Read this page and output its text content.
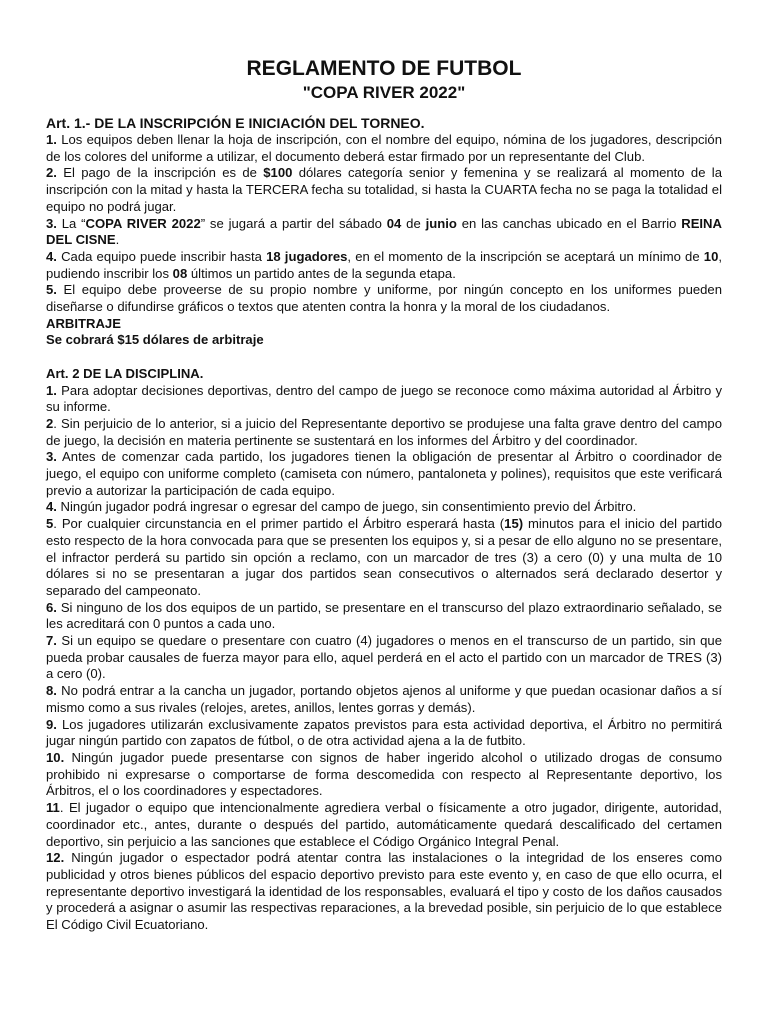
REGLAMENTO DE FUTBOL
"COPA RIVER 2022"

Art. 1.- DE LA INSCRIPCIÓN E INICIACIÓN DEL TORNEO.

1. Los equipos deben llenar la hoja de inscripción, con el nombre del equipo, nómina de los jugadores, descripción de los colores del uniforme a utilizar, el documento deberá estar firmado por un representante del Club.

2. El pago de la inscripción es de $100 dólares categoría senior y femenina y se realizará al momento de la inscripción con la mitad y hasta la TERCERA fecha su totalidad, si hasta la CUARTA fecha no se paga la totalidad el equipo no podrá jugar.

3. La “COPA RIVER 2022” se jugará a partir del sábado 04 de junio en las canchas ubicado en el Barrio REINA DEL CISNE.

4. Cada equipo puede inscribir hasta 18 jugadores, en el momento de la inscripción se aceptará un mínimo de 10, pudiendo inscribir los 08 últimos un partido antes de la segunda etapa.

5. El equipo debe proveerse de su propio nombre y uniforme, por ningún concepto en los uniformes pueden diseñarse o difundirse gráficos o textos que atenten contra la honra y la moral de los ciudadanos.

ARBITRAJE

Se cobrará $15 dólares de arbitraje

Art. 2 DE LA DISCIPLINA.

1. Para adoptar decisiones deportivas, dentro del campo de juego se reconoce como máxima autoridad al Árbitro y su informe.

2. Sin perjuicio de lo anterior, si a juicio del Representante deportivo se produjese una falta grave dentro del campo de juego, la decisión en materia pertinente se sustentará en los informes del Árbitro y del coordinador.

3. Antes de comenzar cada partido, los jugadores tienen la obligación de presentar al Árbitro o coordinador de juego, el equipo con uniforme completo (camiseta con número, pantaloneta y polines), requisitos que este verificará previo a autorizar la participación de cada equipo.

4. Ningún jugador podrá ingresar o egresar del campo de juego, sin consentimiento previo del Árbitro.

5. Por cualquier circunstancia en el primer partido el Árbitro esperará hasta (15) minutos para el inicio del partido esto respecto de la hora convocada para que se presenten los equipos y, si a pesar de ello alguno no se presentare, el infractor perderá su partido sin opción a reclamo, con un marcador de tres (3) a cero (0) y una multa de 10 dólares si no se presentaran a jugar dos partidos sean consecutivos o alternados será declarado desertor y separado del campeonato.

6. Si ninguno de los dos equipos de un partido, se presentare en el transcurso del plazo extraordinario señalado, se les acreditará con 0 puntos a cada uno.

7. Si un equipo se quedare o presentare con cuatro (4) jugadores o menos en el transcurso de un partido, sin que pueda probar causales de fuerza mayor para ello, aquel perderá en el acto el partido con un marcador de TRES (3) a cero (0).

8. No podrá entrar a la cancha un jugador, portando objetos ajenos al uniforme y que puedan ocasionar daños a sí mismo como a sus rivales (relojes, aretes, anillos, lentes gorras y demás).

9. Los jugadores utilizarán exclusivamente zapatos previstos para esta actividad deportiva, el Árbitro no permitirá jugar ningún partido con zapatos de fútbol, o de otra actividad ajena a la de futbito.

10. Ningún jugador puede presentarse con signos de haber ingerido alcohol o utilizado drogas de consumo prohibido ni expresarse o comportarse de forma descomedida con respecto al Representante deportivo, los Árbitros, el o los coordinadores y espectadores.

11. El jugador o equipo que intencionalmente agrediera verbal o físicamente a otro jugador, dirigente, autoridad, coordinador etc., antes, durante o después del partido, automáticamente quedará descalificado del certamen deportivo, sin perjuicio a las sanciones que establece el Código Orgánico Integral Penal.

12. Ningún jugador o espectador podrá atentar contra las instalaciones o la integridad de los enseres como publicidad y otros bienes públicos del espacio deportivo previsto para este evento y, en caso de que ello ocurra, el representante deportivo investigará la identidad de los responsables, evaluará el tipo y costo de los daños causados y procederá a asignar o asumir las respectivas reparaciones, a la brevedad posible, sin perjuicio de lo que establece El Código Civil Ecuatoriano.
